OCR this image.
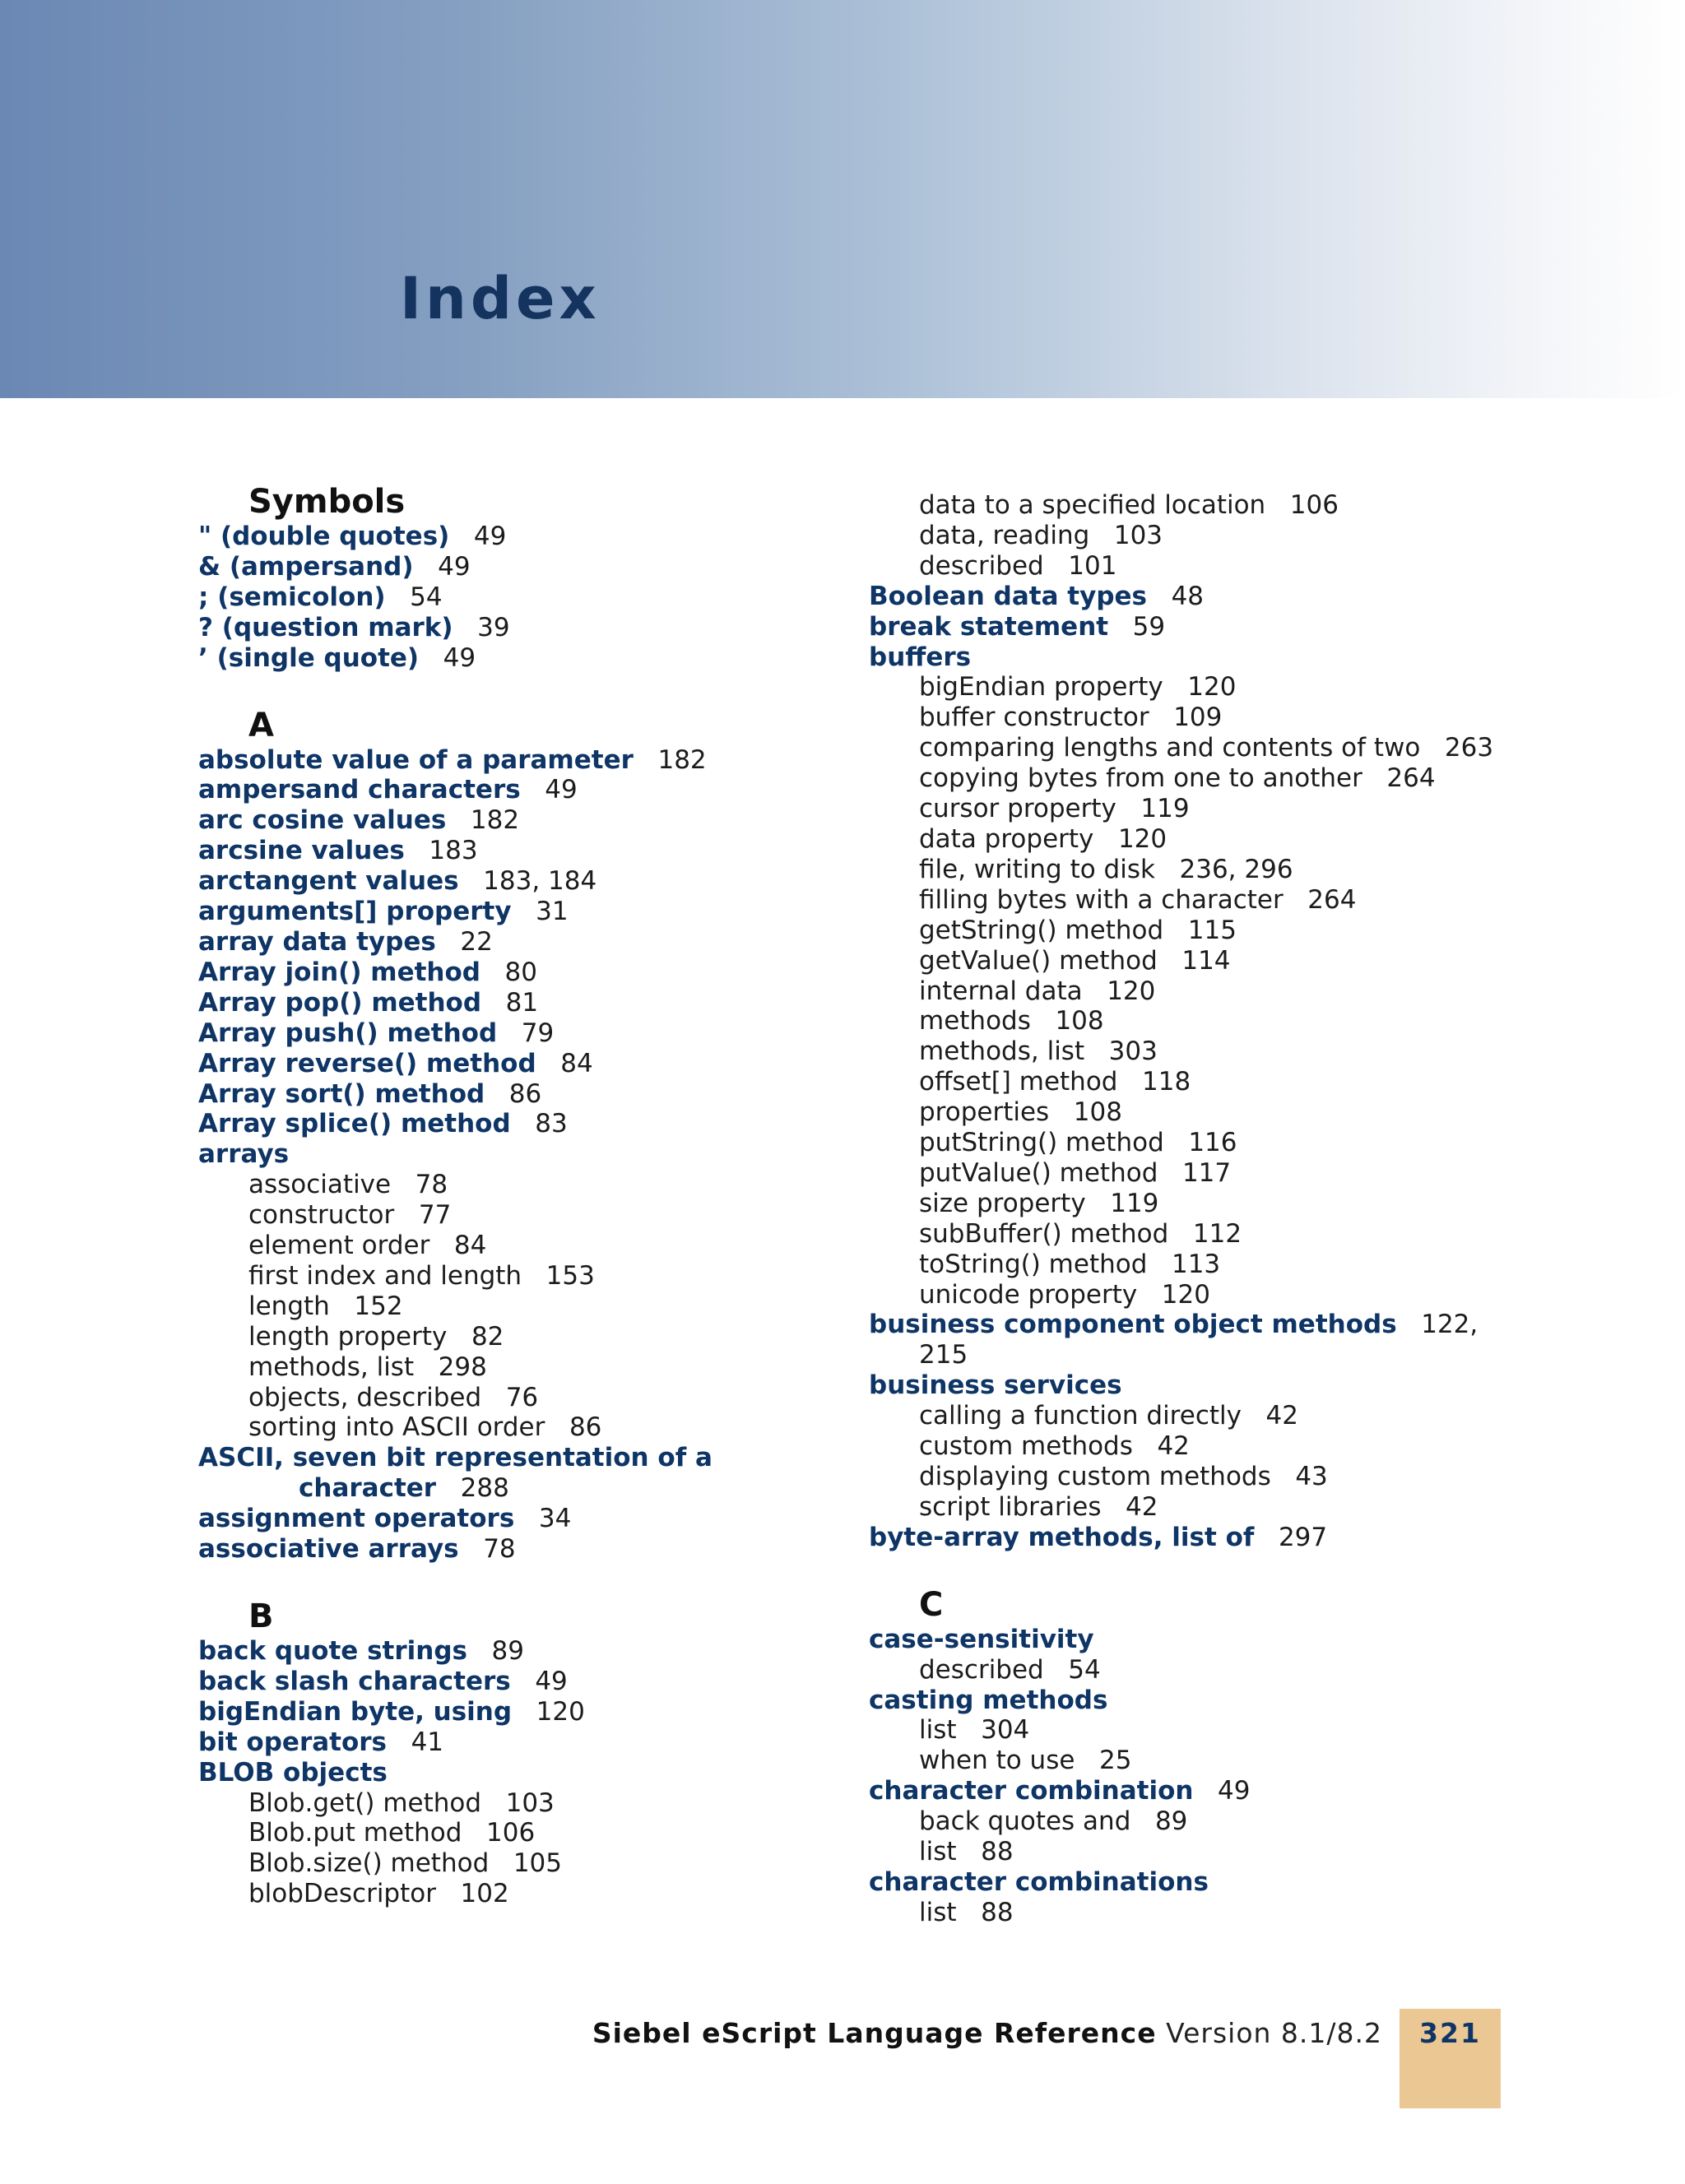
Index
Symbols
" (double quotes) 49
& (ampersand) 49
; (semicolon) 54
? (question mark) 39
’ (single quote) 49
A
absolute value of a parameter 182
ampersand characters 49
arc cosine values 182
arcsine values 183
arctangent values 183, 184
arguments[] property 31
array data types 22
Array join() method 80
Array pop() method 81
Array push() method 79
Array reverse() method 84
Array sort() method 86
Array splice() method 83
arrays
associative 78
constructor 77
element order 84
first index and length 153
length 152
length property 82
methods, list 298
objects, described 76
sorting into ASCII order 86
ASCII, seven bit representation of a
character 288
assignment operators 34
associative arrays 78
B
back quote strings 89
back slash characters 49
bigEndian byte, using 120
bit operators 41
BLOB objects
Blob.get() method 103
Blob.put method 106
Blob.size() method 105
blobDescriptor 102
data to a specified location 106
data, reading 103
described 101
Boolean data types 48
break statement 59
buffers
bigEndian property 120
buffer constructor 109
comparing lengths and contents of two 263
copying bytes from one to another 264
cursor property 119
data property 120
file, writing to disk 236, 296
filling bytes with a character 264
getString() method 115
getValue() method 114
internal data 120
methods 108
methods, list 303
offset[] method 118
properties 108
putString() method 116
putValue() method 117
size property 119
subBuffer() method 112
toString() method 113
unicode property 120
business component object methods 122,
215
business services
calling a function directly 42
custom methods 42
displaying custom methods 43
script libraries 42
byte-array methods, list of 297
C
case-sensitivity
described 54
casting methods
list 304
when to use 25
character combination 49
back quotes and 89
list 88
character combinations
list 88
Siebel eScript Language Reference Version 8.1/8.2	321
